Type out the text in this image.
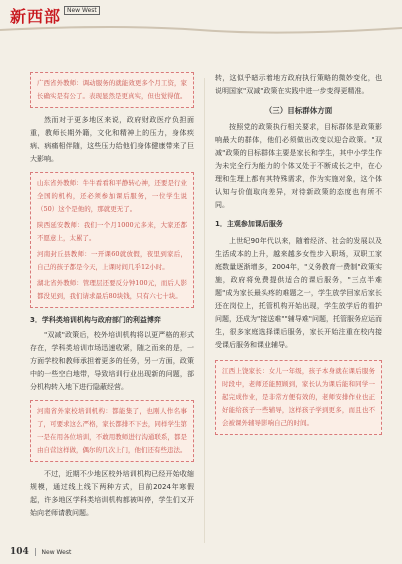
新西部 New West

广西省外教师：调动服务的就能效更多个月工资，家长确实是有公了。表现显然是更真实，但也觉得值。

然而对于更多地区来说，政府财政医疗负担面重，教师长期外籍，文化和精神上的压力，身体疾病、病痛相伴随，这些压力给他们身体健康带来了巨大影响。

山东省外教师：牛牛看看和平静转心神，还要是行业全国的机构，还必须参加课后服务，一位学生说（50）这个是他的，那就更无了。

陕西延安教师：我们一个月1000元多来，大家还都不愿意上，太累了。

河南封丘县教师：一开课60就放假，夜里到家后，自己的孩子都是今天，上课时间几乎12小时。

湖北省外教师：管理层还要反分钟100元，而后人影都没见到，我们请求最后80块钱，只有六七十块。

3．学科类培训机构与政府部门的利益博弈

"双减"政策后，校外培训机构将以更严格的形式存在，学科类培训市场迅速收紧，随之而来的是，一方面学校和教师承担着更多的任务，另一方面，政策中的一些空白地带，导致培训行业出现新的问题，部分机构转入地下进行隐蔽经营。

河南省外家校培训机构：都能集了，也刚人作名事了，可要求这么严格，家长都排不下去，同样学生第一是在用各位培训，不敢用教师进行沟通联系，都是由自营这样做，偶尔的几次上门，他们还有些违法。

不过，近期不少地区校外培训机构已经开始收缩规模，通过线上线下两种方式，目前2024年寒假起，许多地区学科类培训机构都被叫停，学生们又开始向老师请教问题。

转，这似乎暗示着地方政府执行策略的微妙变化，也说明国家"双减"政策在实践中进一步变得更精准。

（三）目标群体方面

按照党的政策执行相关要求，目标群体是政策影响最大的群体，他们必须做出改变以迎合政策。"双减"政策的目标群体主要是家长和学生，其中小学生作为未完全行为能力的个体又处于不断成长之中，在心理和生理上都有其特殊需求，作为实施对象，这个体认知与价值取向差异，对待新政策的态度也有所不同。

1．主观参加课后服务

上世纪90年代以来，随着经济、社会的发展以及生活成本的上升，越来越多女性步入职场，双职工家庭数量逐渐增多，2004年，"义务教育一费制"政策实施，政府将免费提供适合的课后服务，"三点半难题"成为家长最头疼的难题之一，学生放学回家后家长还在岗位上，托管机构开始出现，学生放学后的看护问题，还成为"接送难""辅导难"问题，托管服务应运而生，很多家庭选择课后服务，家长开始注重在校内接受课后服务和课业辅导。

江西上饶家长：女儿一年级，孩子本身就在课后服务时段中，老师还能照顾到，家长认为课后能和同学一起完成作业，是非常方便有效的，老师安排作业也正好能给孩子一些辅导，这样孩子学到更多，而且也不会被课外辅导影响自己的时间。

104 New West
